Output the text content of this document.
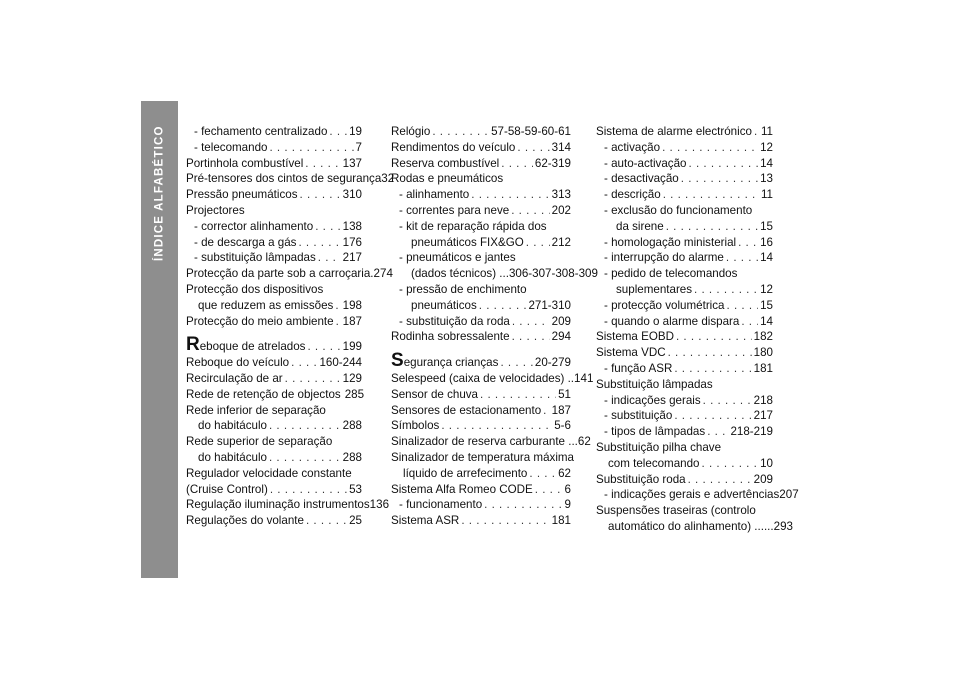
ÍNDICE ALFABÉTICO
334
- fechamento centralizado . . . 19
- telecomando . . .	7
Portinhola combustível . . .	137
Pré-tensores dos cintos de segurança 32
Pressão pneumáticos . . .	310
Projectores
- corrector alinhamento . . .	138
- de descarga a gás . . .	176
- substituição lâmpadas . . . 217
Protecção da parte sob a carroçaria. 274
Protecção dos dispositivos
que reduzem as emissões . . . 198
Protecção do meio ambiente . . . 187
Reboque de atrelados . . .	199
Reboque do veículo . . .	160-244
Recirculação de ar . . .	129
Rede de retenção de objectos 285
Rede inferior de separação
do habitáculo . . .	288
Rede superior de separação
do habitáculo . . .	288
Regulador velocidade constante
(Cruise Control) . . .	53
Regulação iluminação instrumentos 136
Regulações do volante . . .	25
Relógio . . .	57-58-59-60-61
Rendimentos do veículo . . .	314
Reserva combustível . . .	62-319
Rodas e pneumáticos
- alinhamento . . .	313
- correntes para neve . . .	202
- kit de reparação rápida dos
pneumáticos FIX&GO . . . 212
- pneumáticos e jantes
(dados técnicos) ... 306-307-308-309
- pressão de enchimento
pneumáticos . . .	271-310
- substituição da roda . . .	209
Rodinha sobressalente . . .	294
Segurança crianças . . .	20-279
Selespeed (caixa de velocidades) .. 141
Sensor de chuva . . .	51
Sensores de estacionamento . . . 187
Símbolos . . .	5-6
Sinalizador de reserva carburante ... 62
Sinalizador de temperatura máxima
líquido de arrefecimento . . .	62
Sistema Alfa Romeo CODE . . .	6
- funcionamento . . .	9
Sistema ASR . . .	181
Sistema de alarme electrónico . . . 11
- activação . . .	12
- auto-activação . . .	14
- desactivação . . .	13
- descrição . . .	11
- exclusão do funcionamento
da sirene . . .	15
- homologação ministerial . . . 16
- interrupção do alarme . . .	14
- pedido de telecomandos
suplementares . . .	12
- protecção volumétrica . . .	15
- quando o alarme dispara . . . 14
Sistema EOBD . . .	182
Sistema VDC . . .	180
- função ASR . . .	181
Substituição lâmpadas
- indicações gerais . . .	218
- substituição . . .	217
- tipos de lâmpadas . . . 218-219
Substituição pilha chave
com telecomando . . .	10
Substituição roda . . .	209
- indicações gerais e advertências 207
Suspensões traseiras (controlo
automático do alinhamento) ...... 293
